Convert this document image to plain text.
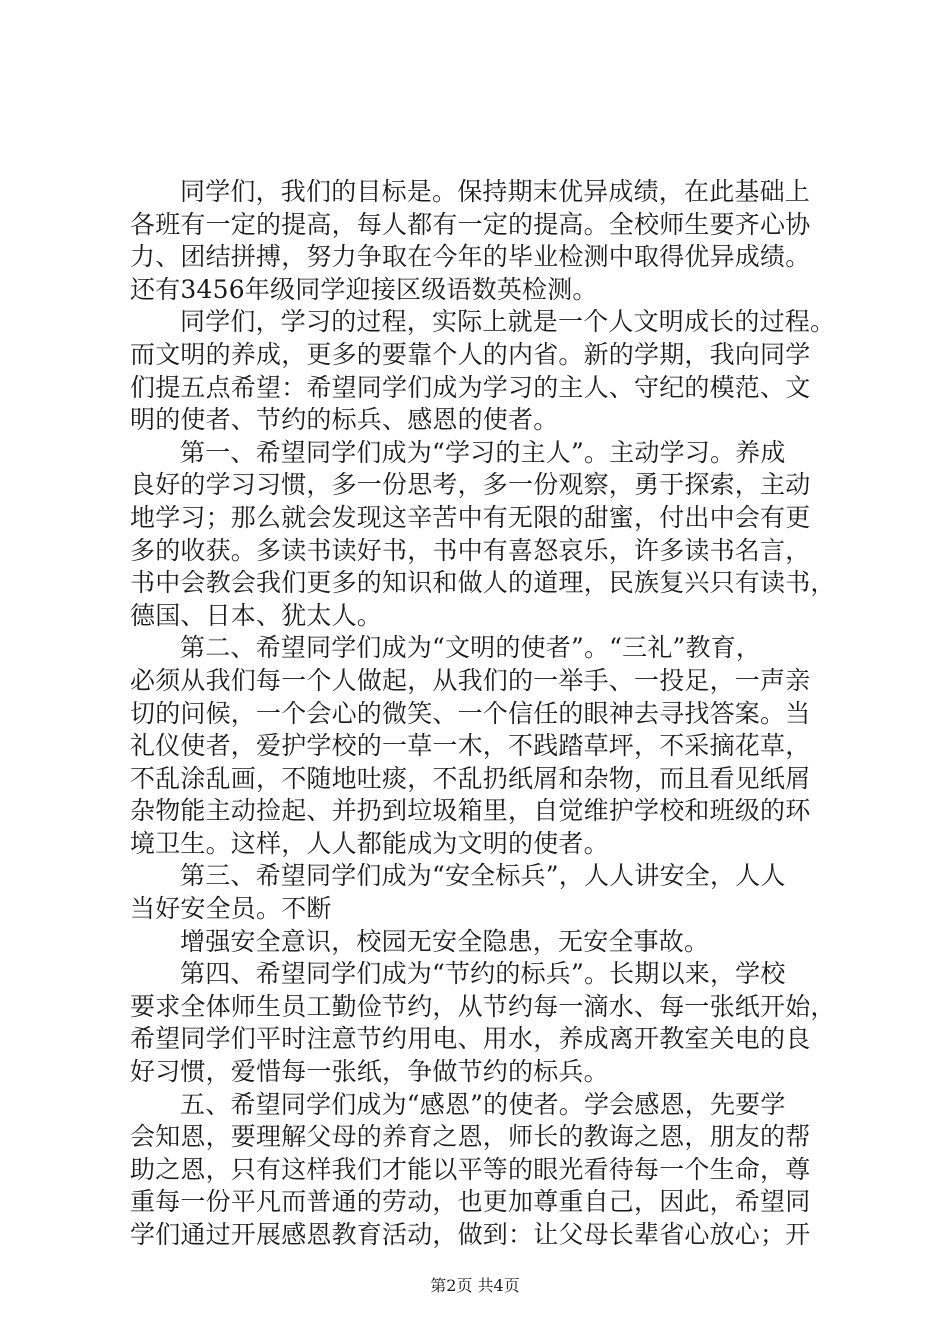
同学们，我们的目标是。保持期末优异成绩，在此基础上
各班有一定的提高，每人都有一定的提高。全校师生要齐心协
力、团结拼搏，努力争取在今年的毕业检测中取得优异成绩。
还有3456年级同学迎接区级语数英检测。
同学们，学习的过程，实际上就是一个人文明成长的过程。
而文明的养成，更多的要靠个人的内省。新的学期，我向同学
们提五点希望：希望同学们成为学习的主人、守纪的模范、文
明的使者、节约的标兵、感恩的使者。
第一、希望同学们成为“学习的主人”。主动学习。养成
良好的学习习惯，多一份思考，多一份观察，勇于探索，主动
地学习；那么就会发现这辛苦中有无限的甜蜜，付出中会有更
多的收获。多读书读好书，书中有喜怒哀乐，许多读书名言，
书中会教会我们更多的知识和做人的道理，民族复兴只有读书，
德国、日本、犹太人。
第二、希望同学们成为“文明的使者”。“三礼”教育，
必须从我们每一个人做起，从我们的一举手、一投足，一声亲
切的问候，一个会心的微笑、一个信任的眼神去寻找答案。当
礼仪使者，爱护学校的一草一木，不践踏草坪，不采摘花草，
不乱涂乱画，不随地吐痰，不乱扔纸屑和杂物，而且看见纸屑
杂物能主动捡起、并扔到垃圾箱里，自觉维护学校和班级的环
境卫生。这样，人人都能成为文明的使者。
第三、希望同学们成为“安全标兵”，人人讲安全，人人
当好安全员。不断
增强安全意识，校园无安全隐患，无安全事故。
第四、希望同学们成为“节约的标兵”。长期以来，学校
要求全体师生员工勤俭节约，从节约每一滴水、每一张纸开始，
希望同学们平时注意节约用电、用水，养成离开教室关电的良
好习惯，爱惜每一张纸，争做节约的标兵。
五、希望同学们成为“感恩”的使者。学会感恩，先要学
会知恩，要理解父母的养育之恩，师长的教诲之恩，朋友的帮
助之恩，只有这样我们才能以平等的眼光看待每一个生命，尊
重每一份平凡而普通的劳动，也更加尊重自己，因此，希望同
学们通过开展感恩教育活动，做到：让父母长辈省心放心；开
第2页 共4页
